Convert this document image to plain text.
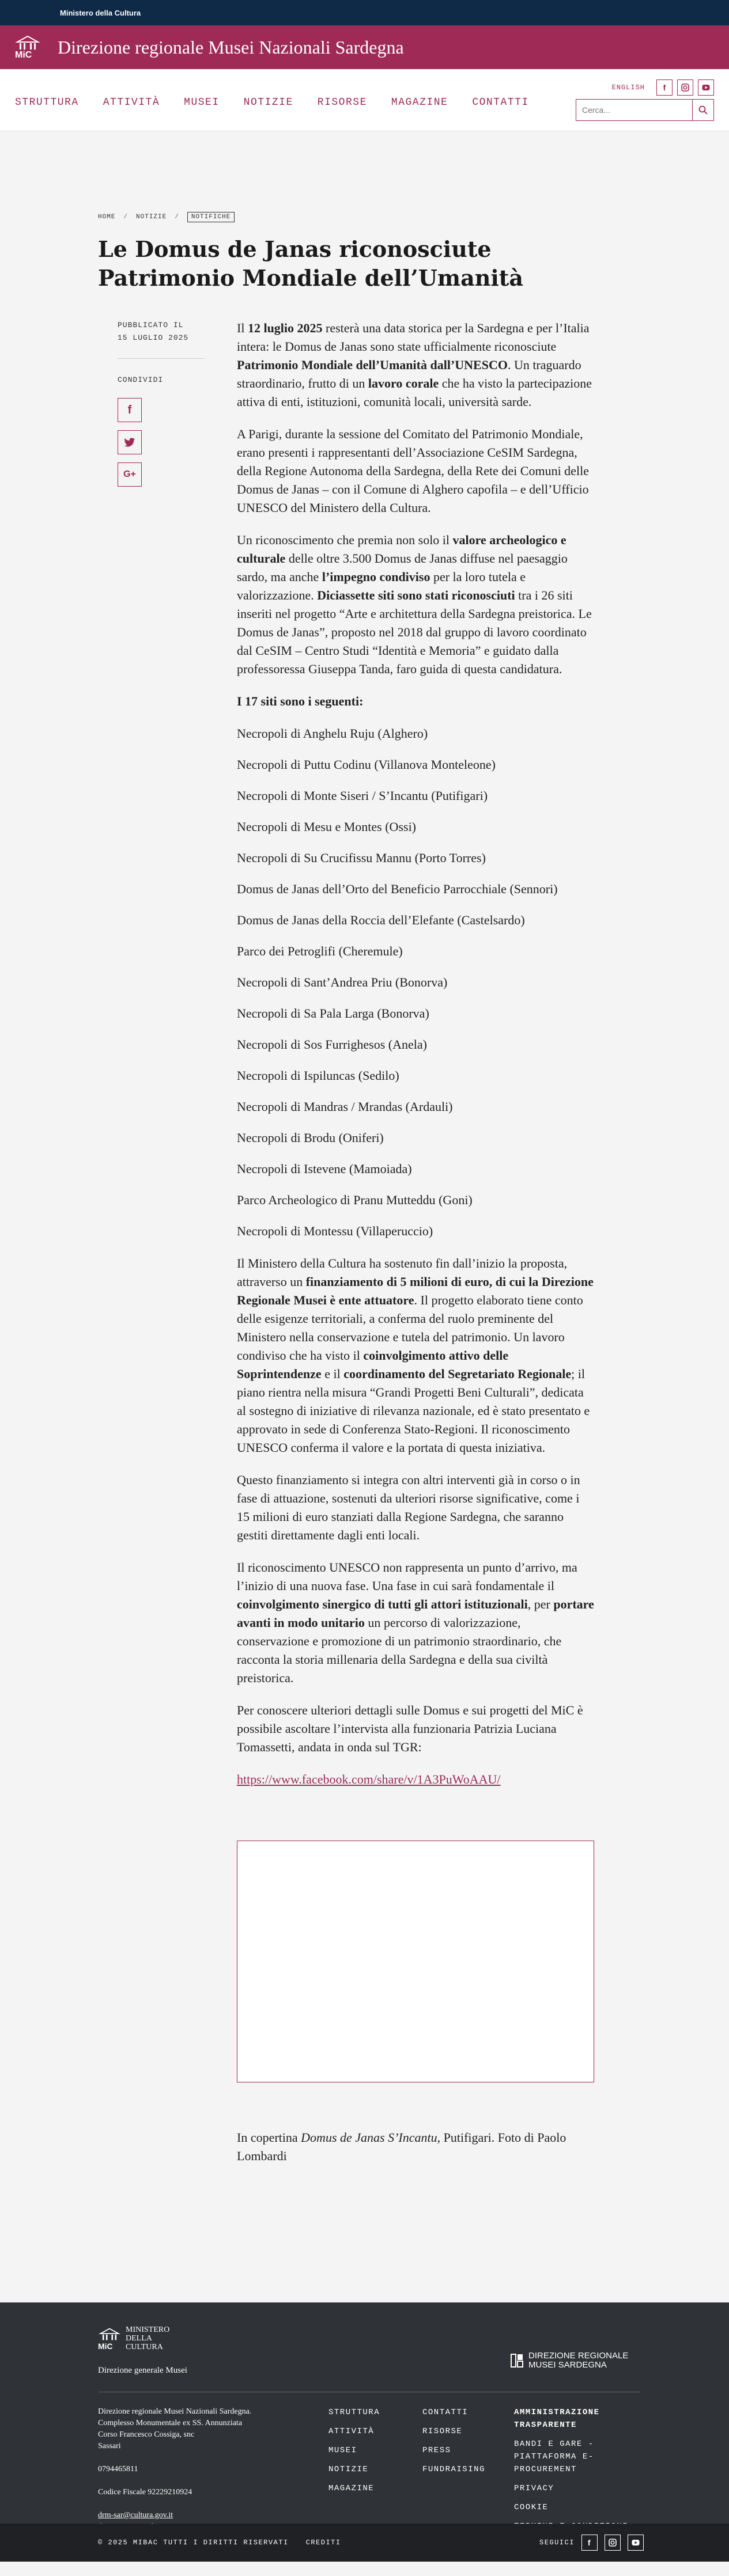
Ministero della Cultura
MiC Direzione regionale Musei Nazionali Sardegna
STRUTTURA ATTIVITÀ MUSEI NOTIZIE RISORSE MAGAZINE CONTATTI
ENGLISH	f
Cerca...
HOME / NOTIZIE /	NOTIFICHE
Le Domus de Janas riconosciute Patrimonio Mondiale dell’Umanità
PUBBLICATO IL
15 LUGLIO 2025
CONDIVIDI
f
G+

Il 12 luglio 2025 resterà una data storica per la Sardegna e per l’Italia intera: le Domus de Janas sono state ufficialmente riconosciute Patrimonio Mondiale dell’Umanità dall’UNESCO. Un traguardo straordinario, frutto di un lavoro corale che ha visto la partecipazione attiva di enti, istituzioni, comunità locali, università sarde.

A Parigi, durante la sessione del Comitato del Patrimonio Mondiale, erano presenti i rappresentanti dell’Associazione CeSIM Sardegna, della Regione Autonoma della Sardegna, della Rete dei Comuni delle Domus de Janas – con il Comune di Alghero capofila – e dell’Ufficio UNESCO del Ministero della Cultura.

Un riconoscimento che premia non solo il valore archeologico e culturale delle oltre 3.500 Domus de Janas diffuse nel paesaggio sardo, ma anche l’impegno condiviso per la loro tutela e valorizzazione. Diciassette siti sono stati riconosciuti tra i 26 siti inseriti nel progetto “Arte e architettura della Sardegna preistorica. Le Domus de Janas”, proposto nel 2018 dal gruppo di lavoro coordinato dal CeSIM – Centro Studi “Identità e Memoria” e guidato dalla professoressa Giuseppa Tanda, faro guida di questa candidatura.

I 17 siti sono i seguenti:

Necropoli di Anghelu Ruju (Alghero)
Necropoli di Puttu Codinu (Villanova Monteleone)
Necropoli di Monte Siseri / S’Incantu (Putifigari)
Necropoli di Mesu e Montes (Ossi)
Necropoli di Su Crucifissu Mannu (Porto Torres)
Domus de Janas dell’Orto del Beneficio Parrocchiale (Sennori)
Domus de Janas della Roccia dell’Elefante (Castelsardo)
Parco dei Petroglifi (Cheremule)
Necropoli di Sant’Andrea Priu (Bonorva)
Necropoli di Sa Pala Larga (Bonorva)
Necropoli di Sos Furrighesos (Anela)
Necropoli di Ispiluncas (Sedilo)
Necropoli di Mandras / Mrandas (Ardauli)
Necropoli di Brodu (Oniferi)
Necropoli di Istevene (Mamoiada)
Parco Archeologico di Pranu Mutteddu (Goni)
Necropoli di Montessu (Villaperuccio)

Il Ministero della Cultura ha sostenuto fin dall’inizio la proposta, attraverso un finanziamento di 5 milioni di euro, di cui la Direzione Regionale Musei è ente attuatore. Il progetto elaborato tiene conto delle esigenze territoriali, a conferma del ruolo preminente del Ministero nella conservazione e tutela del patrimonio. Un lavoro condiviso che ha visto il coinvolgimento attivo delle Soprintendenze e il coordinamento del Segretariato Regionale; il piano rientra nella misura “Grandi Progetti Beni Culturali”, dedicata al sostegno di iniziative di rilevanza nazionale, ed è stato presentato e approvato in sede di Conferenza Stato-Regioni. Il riconoscimento UNESCO conferma il valore e la portata di questa iniziativa.

Questo finanziamento si integra con altri interventi già in corso o in fase di attuazione, sostenuti da ulteriori risorse significative, come i 15 milioni di euro stanziati dalla Regione Sardegna, che saranno gestiti direttamente dagli enti locali.

Il riconoscimento UNESCO non rappresenta un punto d’arrivo, ma l’inizio di una nuova fase. Una fase in cui sarà fondamentale il coinvolgimento sinergico di tutti gli attori istituzionali, per portare avanti in modo unitario un percorso di valorizzazione, conservazione e promozione di un patrimonio straordinario, che racconta la storia millenaria della Sardegna e della sua civiltà preistorica.

Per conoscere ulteriori dettagli sulle Domus e sui progetti del MiC è possibile ascoltare l’intervista alla funzionaria Patrizia Luciana Tomassetti, andata in onda sul TGR:

https://www.facebook.com/share/v/1A3PuWoAAU/

In copertina Domus de Janas S’Incantu, Putifigari. Foto di Paolo Lombardi

MiC
MINISTERO
DELLA
CULTURA
Direzione generale Musei
DIREZIONE REGIONALE
MUSEI SARDEGNA
Direzione regionale Musei Nazionali Sardegna.
Complesso Monumentale ex SS. Annunziata
Corso Francesco Cossiga, snc
Sassari
0794465811
Codice Fiscale 92229210924
drm-sar@cultura.gov.it
STRUTTURA
ATTIVITÀ
MUSEI
NOTIZIE
MAGAZINE
CONTATTI
RISORSE
PRESS
FUNDRAISING
AMMINISTRAZIONE TRASPARENTE
BANDI E GARE - PIATTAFORMA E-PROCUREMENT
PRIVACY
COOKIE
© 2025 MIBAC TUTTI I DIRITTI RISERVATI	CREDITI	SEGUICI	f
